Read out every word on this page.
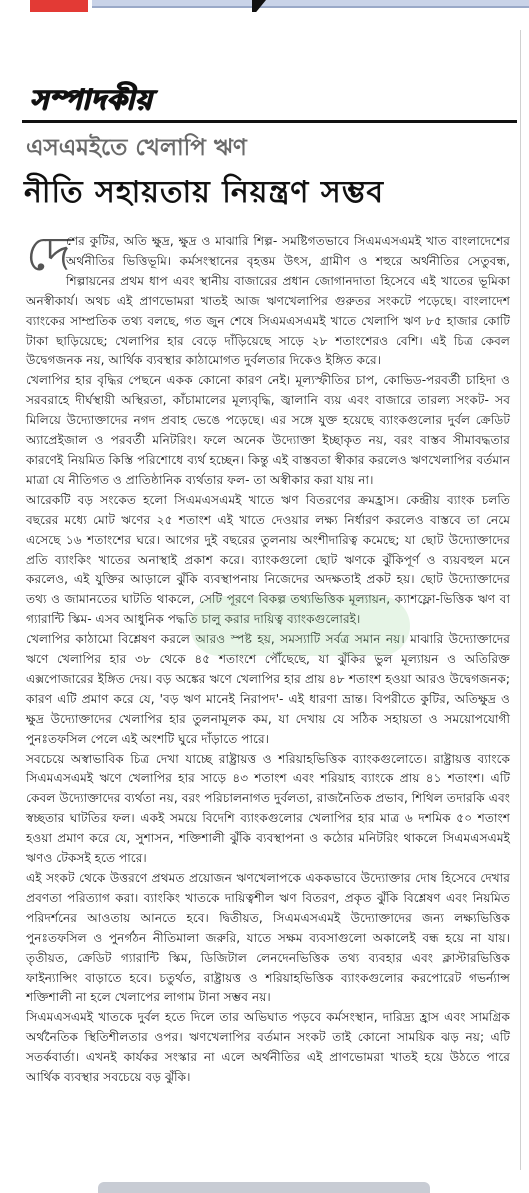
সম্পাদকীয়
এসএমইতে খেলাপি ঋণ
নীতি সহায়তায় নিয়ন্ত্রণ সম্ভব

দে
শের কুটির, অতি ক্ষুদ্র, ক্ষুদ্র ও মাঝারি শিল্প- সমষ্টিগতভাবে সিএমএসএমই খাত বাংলাদেশের অর্থনীতির ভিত্তিভূমি। কর্মসংস্থানের বৃহত্তম উৎস, গ্রামীণ ও শহুরে অর্থনীতির সেতুবন্ধ, শিল্পায়নের প্রথম ধাপ এবং স্থানীয় বাজারের প্রধান জোগানদাতা হিসেবে এই খাতের ভূমিকা অনস্বীকার্য। অথচ এই প্রাণভোমরা খাতই আজ ঋণখেলাপির গুরুতর সংকটে পড়েছে। বাংলাদেশ ব্যাংকের সাম্প্রতিক তথ্য বলছে, গত জুন শেষে সিএমএসএমই খাতে খেলাপি ঋণ ৮৫ হাজার কোটি টাকা ছাড়িয়েছে; খেলাপির হার বেড়ে দাঁড়িয়েছে সাড়ে ২৮ শতাংশেরও বেশি। এই চিত্র কেবল উদ্বেগজনক নয়, আর্থিক ব্যবস্থার কাঠামোগত দুর্বলতার দিকেও ইঙ্গিত করে।

খেলাপির হার বৃদ্ধির পেছনে একক কোনো কারণ নেই। মূল্যস্ফীতির চাপ, কোভিড-পরবর্তী চাহিদা ও সরবরাহে দীর্ঘস্থায়ী অস্থিরতা, কাঁচামালের মূল্যবৃদ্ধি, জ্বালানি ব্যয় এবং বাজারে তারল্য সংকট- সব মিলিয়ে উদ্যোক্তাদের নগদ প্রবাহ ভেঙে পড়েছে। এর সঙ্গে যুক্ত হয়েছে ব্যাংকগুলোর দুর্বল ক্রেডিট অ্যাপ্রেইজাল ও পরবর্তী মনিটরিং। ফলে অনেক উদ্যোক্তা ইচ্ছাকৃত নয়, বরং বাস্তব সীমাবদ্ধতার কারণেই নিয়মিত কিস্তি পরিশোধে ব্যর্থ হচ্ছেন। কিন্তু এই বাস্তবতা স্বীকার করলেও ঋণখেলাপির বর্তমান মাত্রা যে নীতিগত ও প্রাতিষ্ঠানিক ব্যর্থতার ফল- তা অস্বীকার করা যায় না।

আরেকটি বড় সংকেত হলো সিএমএসএমই খাতে ঋণ বিতরণের ক্রমহ্রাস। কেন্দ্রীয় ব্যাংক চলতি বছরের মধ্যে মোট ঋণের ২৫ শতাংশ এই খাতে দেওয়ার লক্ষ্য নির্ধারণ করলেও বাস্তবে তা নেমে এসেছে ১৬ শতাংশের ঘরে। আগের দুই বছরের তুলনায় অংশীদারিত্ব কমেছে; যা ছোট উদ্যোক্তাদের প্রতি ব্যাংকিং খাতের অনাস্থাই প্রকাশ করে। ব্যাংকগুলো ছোট ঋণকে ঝুঁকিপূর্ণ ও ব্যয়বহুল মনে করলেও, এই যুক্তির আড়ালে ঝুঁকি ব্যবস্থাপনায় নিজেদের অদক্ষতাই প্রকট হয়। ছোট উদ্যোক্তাদের তথ্য ও জামানতের ঘাটতি থাকলে, সেটি পূরণে বিকল্প তথ্যভিত্তিক মূল্যায়ন, ক্যাশফ্লো-ভিত্তিক ঋণ বা গ্যারান্টি স্কিম- এসব আধুনিক পদ্ধতি চালু করার দায়িত্ব ব্যাংকগুলোরই।

খেলাপির কাঠামো বিশ্লেষণ করলে আরও স্পষ্ট হয়, সমস্যাটি সর্বত্র সমান নয়। মাঝারি উদ্যোক্তাদের ঋণে খেলাপির হার ৩৮ থেকে ৪৫ শতাংশে পৌঁছেছে, যা ঝুঁকির ভুল মূল্যায়ন ও অতিরিক্ত এক্সপোজারের ইঙ্গিত দেয়। বড় অঙ্কের ঋণে খেলাপির হার প্রায় ৪৮ শতাংশ হওয়া আরও উদ্বেগজনক; কারণ এটি প্রমাণ করে যে, 'বড় ঋণ মানেই নিরাপদ'- এই ধারণা ভ্রান্ত। বিপরীতে কুটির, অতিক্ষুদ্র ও ক্ষুদ্র উদ্যোক্তাদের খেলাপির হার তুলনামূলক কম, যা দেখায় যে সঠিক সহায়তা ও সময়োপযোগী পুনঃতফসিল পেলে এই অংশটি ঘুরে দাঁড়াতে পারে।

সবচেয়ে অস্বাভাবিক চিত্র দেখা যাচ্ছে রাষ্ট্রায়ত্ত ও শরিয়াহভিত্তিক ব্যাংকগুলোতে। রাষ্ট্রায়ত্ত ব্যাংকে সিএমএসএমই ঋণে খেলাপির হার সাড়ে ৪৩ শতাংশ এবং শরিয়াহ ব্যাংকে প্রায় ৪১ শতাংশ। এটি কেবল উদ্যোক্তাদের ব্যর্থতা নয়, বরং পরিচালনাগত দুর্বলতা, রাজনৈতিক প্রভাব, শিথিল তদারকি এবং স্বচ্ছতার ঘাটতির ফল। একই সময়ে বিদেশি ব্যাংকগুলোর খেলাপির হার মাত্র ৬ দশমিক ৫০ শতাংশ হওয়া প্রমাণ করে যে, সুশাসন, শক্তিশালী ঝুঁকি ব্যবস্থাপনা ও কঠোর মনিটরিং থাকলে সিএমএসএমই ঋণও টেকসই হতে পারে।

এই সংকট থেকে উত্তরণে প্রথমত প্রয়োজন ঋণখেলাপকে এককভাবে উদ্যোক্তার দোষ হিসেবে দেখার প্রবণতা পরিত্যাগ করা। ব্যাংকিং খাতকে দায়িত্বশীল ঋণ বিতরণ, প্রকৃত ঝুঁকি বিশ্লেষণ এবং নিয়মিত পরিদর্শনের আওতায় আনতে হবে। দ্বিতীয়ত, সিএমএসএমই উদ্যোক্তাদের জন্য লক্ষ্যভিত্তিক পুনঃতফসিল ও পুনর্গঠন নীতিমালা জরুরি, যাতে সক্ষম ব্যবসাগুলো অকালেই বন্ধ হয়ে না যায়। তৃতীয়ত, ক্রেডিট গ্যারান্টি স্কিম, ডিজিটাল লেনদেনভিত্তিক তথ্য ব্যবহার এবং ক্লাস্টারভিত্তিক ফাইন্যান্সিং বাড়াতে হবে। চতুর্থত, রাষ্ট্রায়ত্ত ও শরিয়াহভিত্তিক ব্যাংকগুলোর করপোরেট গভর্ন্যান্স শক্তিশালী না হলে খেলাপের লাগাম টানা সম্ভব নয়।

সিএমএসএমই খাতকে দুর্বল হতে দিলে তার অভিঘাত পড়বে কর্মসংস্থান, দারিদ্র্য হ্রাস এবং সামগ্রিক অর্থনৈতিক স্থিতিশীলতার ওপর। ঋণখেলাপির বর্তমান সংকট তাই কোনো সাময়িক ঝড় নয়; এটি সতর্কবার্তা। এখনই কার্যকর সংস্কার না এলে অর্থনীতির এই প্রাণভোমরা খাতই হয়ে উঠতে পারে আর্থিক ব্যবস্থার সবচেয়ে বড় ঝুঁকি।
